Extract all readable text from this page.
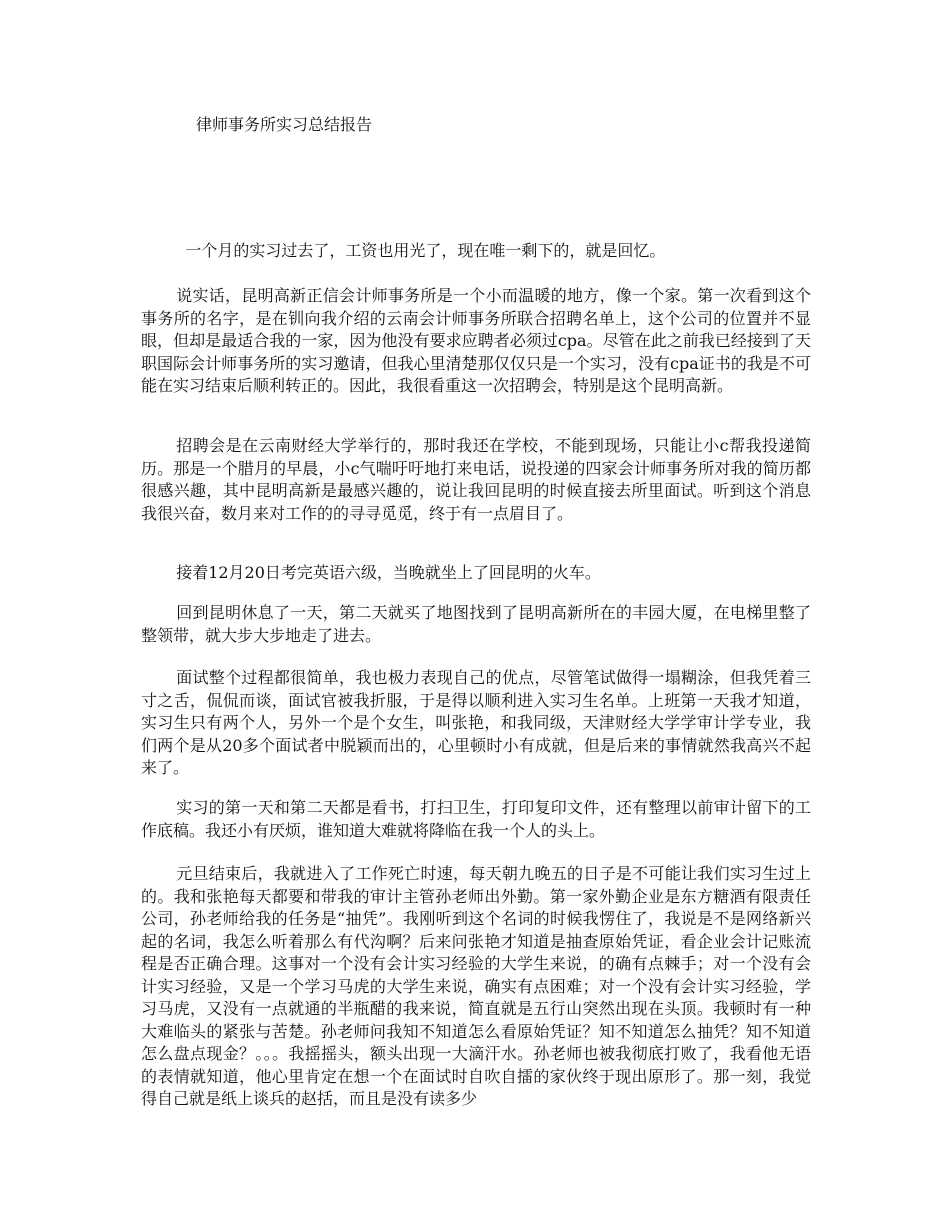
律师事务所实习总结报告

一个月的实习过去了，工资也用光了，现在唯一剩下的，就是回忆。

说实话，昆明高新正信会计师事务所是一个小而温暖的地方，像一个家。第一次看到这个事务所的名字，是在钏向我介绍的云南会计师事务所联合招聘名单上，这个公司的位置并不显眼，但却是最适合我的一家，因为他没有要求应聘者必须过cpa。尽管在此之前我已经接到了天职国际会计师事务所的实习邀请，但我心里清楚那仅仅只是一个实习，没有cpa证书的我是不可能在实习结束后顺利转正的。因此，我很看重这一次招聘会，特别是这个昆明高新。

招聘会是在云南财经大学举行的，那时我还在学校，不能到现场，只能让小c帮我投递简历。那是一个腊月的早晨，小c气喘吁吁地打来电话，说投递的四家会计师事务所对我的简历都很感兴趣，其中昆明高新是最感兴趣的，说让我回昆明的时候直接去所里面试。听到这个消息我很兴奋，数月来对工作的的寻寻觅觅，终于有一点眉目了。

接着12月20日考完英语六级，当晚就坐上了回昆明的火车。

回到昆明休息了一天，第二天就买了地图找到了昆明高新所在的丰园大厦，在电梯里整了整领带，就大步大步地走了进去。

面试整个过程都很简单，我也极力表现自己的优点，尽管笔试做得一塌糊涂，但我凭着三寸之舌，侃侃而谈，面试官被我折服，于是得以顺利进入实习生名单。上班第一天我才知道，实习生只有两个人，另外一个是个女生，叫张艳，和我同级，天津财经大学学审计学专业，我们两个是从20多个面试者中脱颖而出的，心里顿时小有成就，但是后来的事情就然我高兴不起来了。

实习的第一天和第二天都是看书，打扫卫生，打印复印文件，还有整理以前审计留下的工作底稿。我还小有厌烦，谁知道大难就将降临在我一个人的头上。

元旦结束后，我就进入了工作死亡时速，每天朝九晚五的日子是不可能让我们实习生过上的。我和张艳每天都要和带我的审计主管孙老师出外勤。第一家外勤企业是东方糖酒有限责任公司，孙老师给我的任务是“抽凭”。我刚听到这个名词的时候我愣住了，我说是不是网络新兴起的名词，我怎么听着那么有代沟啊？后来问张艳才知道是抽查原始凭证，看企业会计记账流程是否正确合理。这事对一个没有会计实习经验的大学生来说，的确有点棘手；对一个没有会计实习经验，又是一个学习马虎的大学生来说，确实有点困难；对一个没有会计实习经验，学习马虎，又没有一点就通的半瓶醋的我来说，简直就是五行山突然出现在头顶。我顿时有一种大难临头的紧张与苦楚。孙老师问我知不知道怎么看原始凭证？知不知道怎么抽凭？知不知道怎么盘点现金？。。。我摇摇头，额头出现一大滴汗水。孙老师也被我彻底打败了，我看他无语的表情就知道，他心里肯定在想一个在面试时自吹自擂的家伙终于现出原形了。那一刻，我觉得自己就是纸上谈兵的赵括，而且是没有读多少
